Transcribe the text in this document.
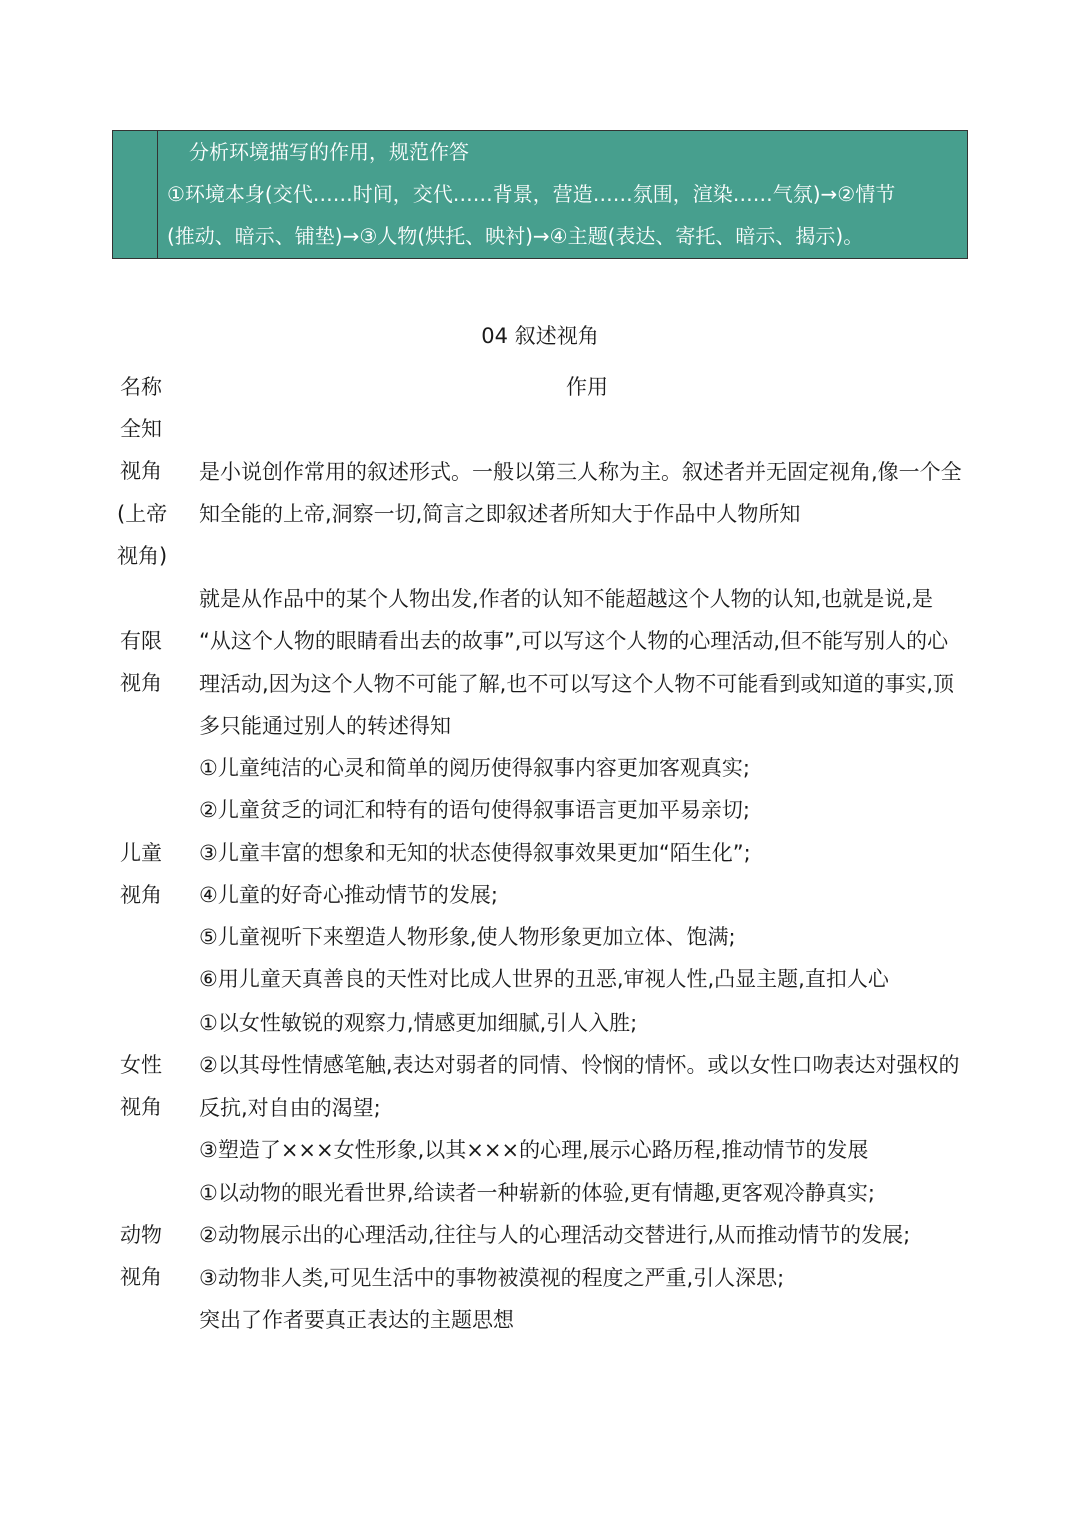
分析环境描写的作用，规范作答
①环境本身(交代……时间，交代……背景，营造……氛围，渲染……气氛)→②情节
(推动、暗示、铺垫)→③人物(烘托、映衬)→④主题(表达、寄托、暗示、揭示)。
04 叙述视角
名称	作用
全知
视角
(上帝
视角)
是小说创作常用的叙述形式。一般以第三人称为主。叙述者并无固定视角,像一个全
知全能的上帝,洞察一切,简言之即叙述者所知大于作品中人物所知
有限
视角
就是从作品中的某个人物出发,作者的认知不能超越这个人物的认知,也就是说,是
“从这个人物的眼睛看出去的故事”,可以写这个人物的心理活动,但不能写别人的心
理活动,因为这个人物不可能了解,也不可以写这个人物不可能看到或知道的事实,顶
多只能通过别人的转述得知
儿童
视角
①儿童纯洁的心灵和简单的阅历使得叙事内容更加客观真实;
②儿童贫乏的词汇和特有的语句使得叙事语言更加平易亲切;
③儿童丰富的想象和无知的状态使得叙事效果更加“陌生化”;
④儿童的好奇心推动情节的发展;
⑤儿童视听下来塑造人物形象,使人物形象更加立体、饱满;
⑥用儿童天真善良的天性对比成人世界的丑恶,审视人性,凸显主题,直扣人心
女性
视角
①以女性敏锐的观察力,情感更加细腻,引人入胜;
②以其母性情感笔触,表达对弱者的同情、怜悯的情怀。或以女性口吻表达对强权的
反抗,对自由的渴望;
③塑造了×××女性形象,以其×××的心理,展示心路历程,推动情节的发展
动物
视角
①以动物的眼光看世界,给读者一种崭新的体验,更有情趣,更客观冷静真实;
②动物展示出的心理活动,往往与人的心理活动交替进行,从而推动情节的发展;
③动物非人类,可见生活中的事物被漠视的程度之严重,引人深思;
突出了作者要真正表达的主题思想
